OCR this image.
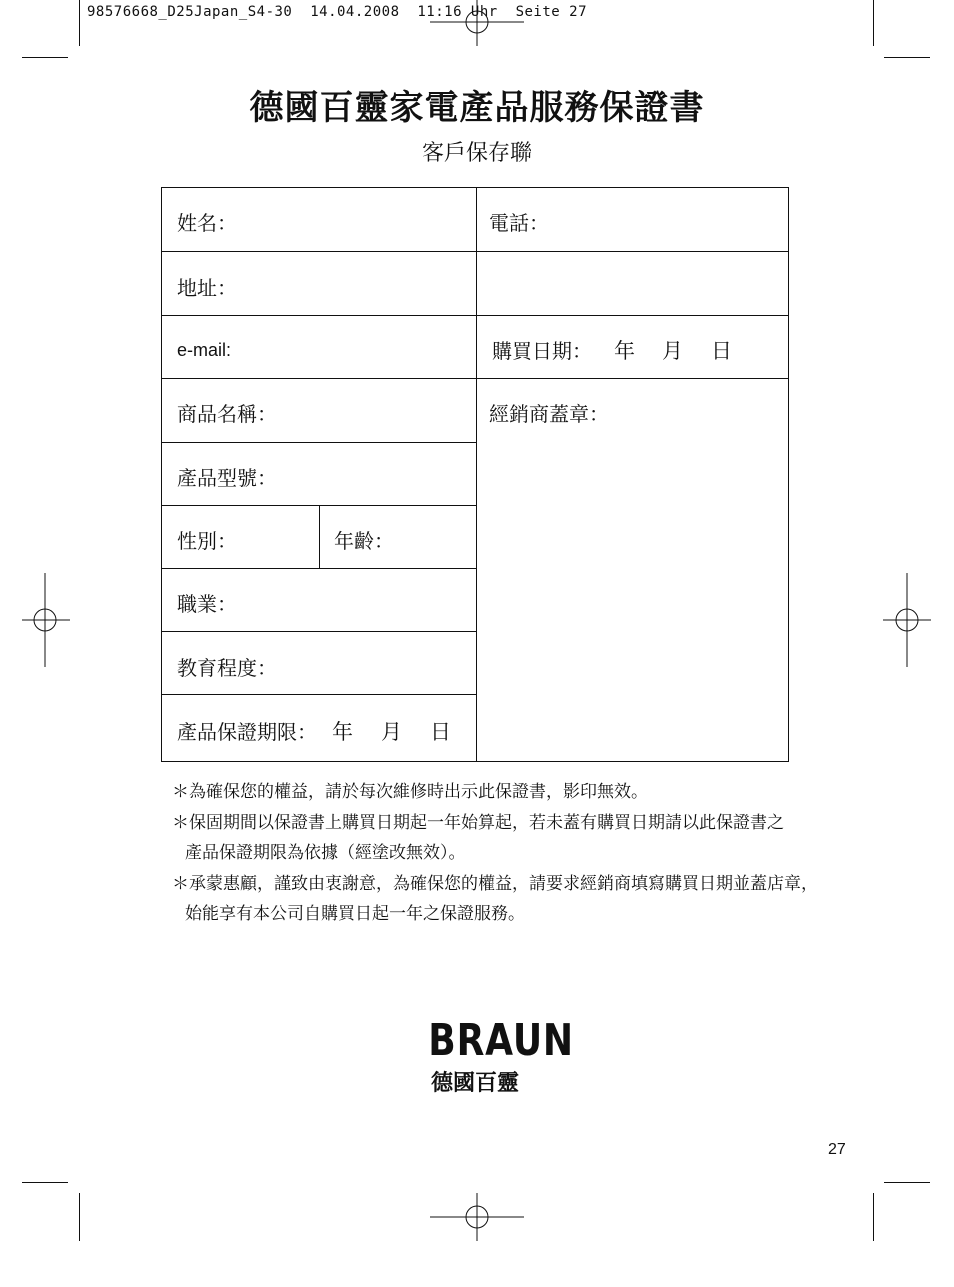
98576668_D25Japan_S4-30  14.04.2008  11:16 Uhr  Seite 27
德國百靈家電產品服務保證書
客戶保存聯
姓名：	電話：
地址：
e-mail:	購買日期： 年 月 日
商品名稱：	經銷商蓋章：
產品型號：
性別：	年齡：
職業：
教育程度：
產品保證期限： 年 月 日
＊為確保您的權益，請於每次維修時出示此保證書，影印無效。
＊保固期間以保證書上購買日期起一年始算起，若未蓋有購買日期請以此保證書之
產品保證期限為依據（經塗改無效）。
＊承蒙惠顧，謹致由衷謝意，為確保您的權益，請要求經銷商填寫購買日期並蓋店章，
始能享有本公司自購買日起一年之保證服務。
BRAUN
德國百靈
27
